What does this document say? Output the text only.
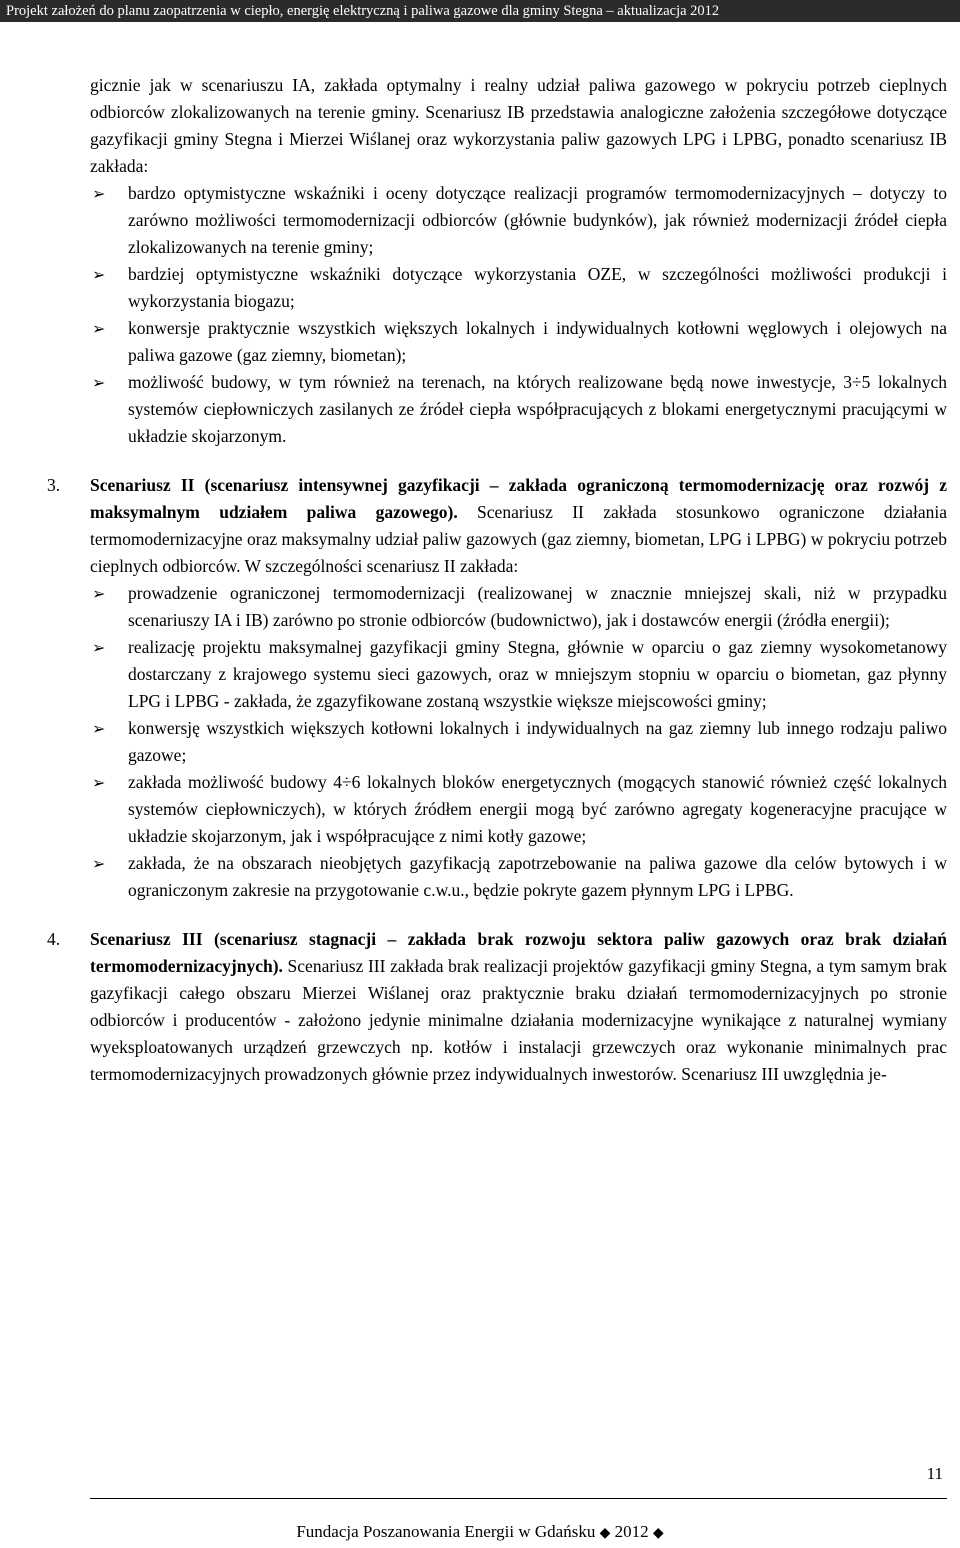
Projekt założeń do planu zaopatrzenia w ciepło, energię elektryczną i paliwa gazowe dla gminy Stegna – aktualizacja 2012

gicznie jak w scenariuszu IA, zakłada optymalny i realny udział paliwa gazowego w pokryciu potrzeb cieplnych odbiorców zlokalizowanych na terenie gminy. Scenariusz IB przedstawia analogiczne założenia szczegółowe dotyczące gazyfikacji gminy Stegna i Mierzei Wiślanej oraz wykorzystania paliw gazowych LPG i LPBG, ponadto scenariusz IB zakłada:

➢ bardzo optymistyczne wskaźniki i oceny dotyczące realizacji programów termomodernizacyjnych – dotyczy to zarówno możliwości termomodernizacji odbiorców (głównie budynków), jak również modernizacji źródeł ciepła zlokalizowanych na terenie gminy;
➢ bardziej optymistyczne wskaźniki dotyczące wykorzystania OZE, w szczególności możliwości produkcji i wykorzystania biogazu;
➢ konwersje praktycznie wszystkich większych lokalnych i indywidualnych kotłowni węglowych i olejowych na paliwa gazowe (gaz ziemny, biometan);
➢ możliwość budowy, w tym również na terenach, na których realizowane będą nowe inwestycje, 3÷5 lokalnych systemów ciepłowniczych zasilanych ze źródeł ciepła współpracujących z blokami energetycznymi pracującymi w układzie skojarzonym.
3. Scenariusz II (scenariusz intensywnej gazyfikacji – zakłada ograniczoną termomodernizację oraz rozwój z maksymalnym udziałem paliwa gazowego). Scenariusz II zakłada stosunkowo ograniczone działania termomodernizacyjne oraz maksymalny udział paliw gazowych (gaz ziemny, biometan, LPG i LPBG) w pokryciu potrzeb cieplnych odbiorców. W szczególności scenariusz II zakłada:

➢ prowadzenie ograniczonej termomodernizacji (realizowanej w znacznie mniejszej skali, niż w przypadku scenariuszy IA i IB) zarówno po stronie odbiorców (budownictwo), jak i dostawców energii (źródła energii);
➢ realizację projektu maksymalnej gazyfikacji gminy Stegna, głównie w oparciu o gaz ziemny wysokometanowy dostarczany z krajowego systemu sieci gazowych, oraz w mniejszym stopniu w oparciu o biometan, gaz płynny LPG i LPBG - zakłada, że zgazyfikowane zostaną wszystkie większe miejscowości gminy;
➢ konwersję wszystkich większych kotłowni lokalnych i indywidualnych na gaz ziemny lub innego rodzaju paliwo gazowe;
➢ zakłada możliwość budowy 4÷6 lokalnych bloków energetycznych (mogących stanowić również część lokalnych systemów ciepłowniczych), w których źródłem energii mogą być zarówno agregaty kogeneracyjne pracujące w układzie skojarzonym, jak i współpracujące z nimi kotły gazowe;
➢ zakłada, że na obszarach nieobjętych gazyfikacją zapotrzebowanie na paliwa gazowe dla celów bytowych i w ograniczonym zakresie na przygotowanie c.w.u., będzie pokryte gazem płynnym LPG i LPBG.
4. Scenariusz III (scenariusz stagnacji – zakłada brak rozwoju sektora paliw gazowych oraz brak działań termomodernizacyjnych). Scenariusz III zakłada brak realizacji projektów gazyfikacji gminy Stegna, a tym samym brak gazyfikacji całego obszaru Mierzei Wiślanej oraz praktycznie braku działań termomodernizacyjnych po stronie odbiorców i producentów - założono jedynie minimalne działania modernizacyjne wynikające z naturalnej wymiany wyeksploatowanych urządzeń grzewczych np. kotłów i instalacji grzewczych oraz wykonanie minimalnych prac termomodernizacyjnych prowadzonych głównie przez indywidualnych inwestorów. Scenariusz III uwzględnia je-

11
Fundacja Poszanowania Energii w Gdańsku ◆ 2012 ◆
